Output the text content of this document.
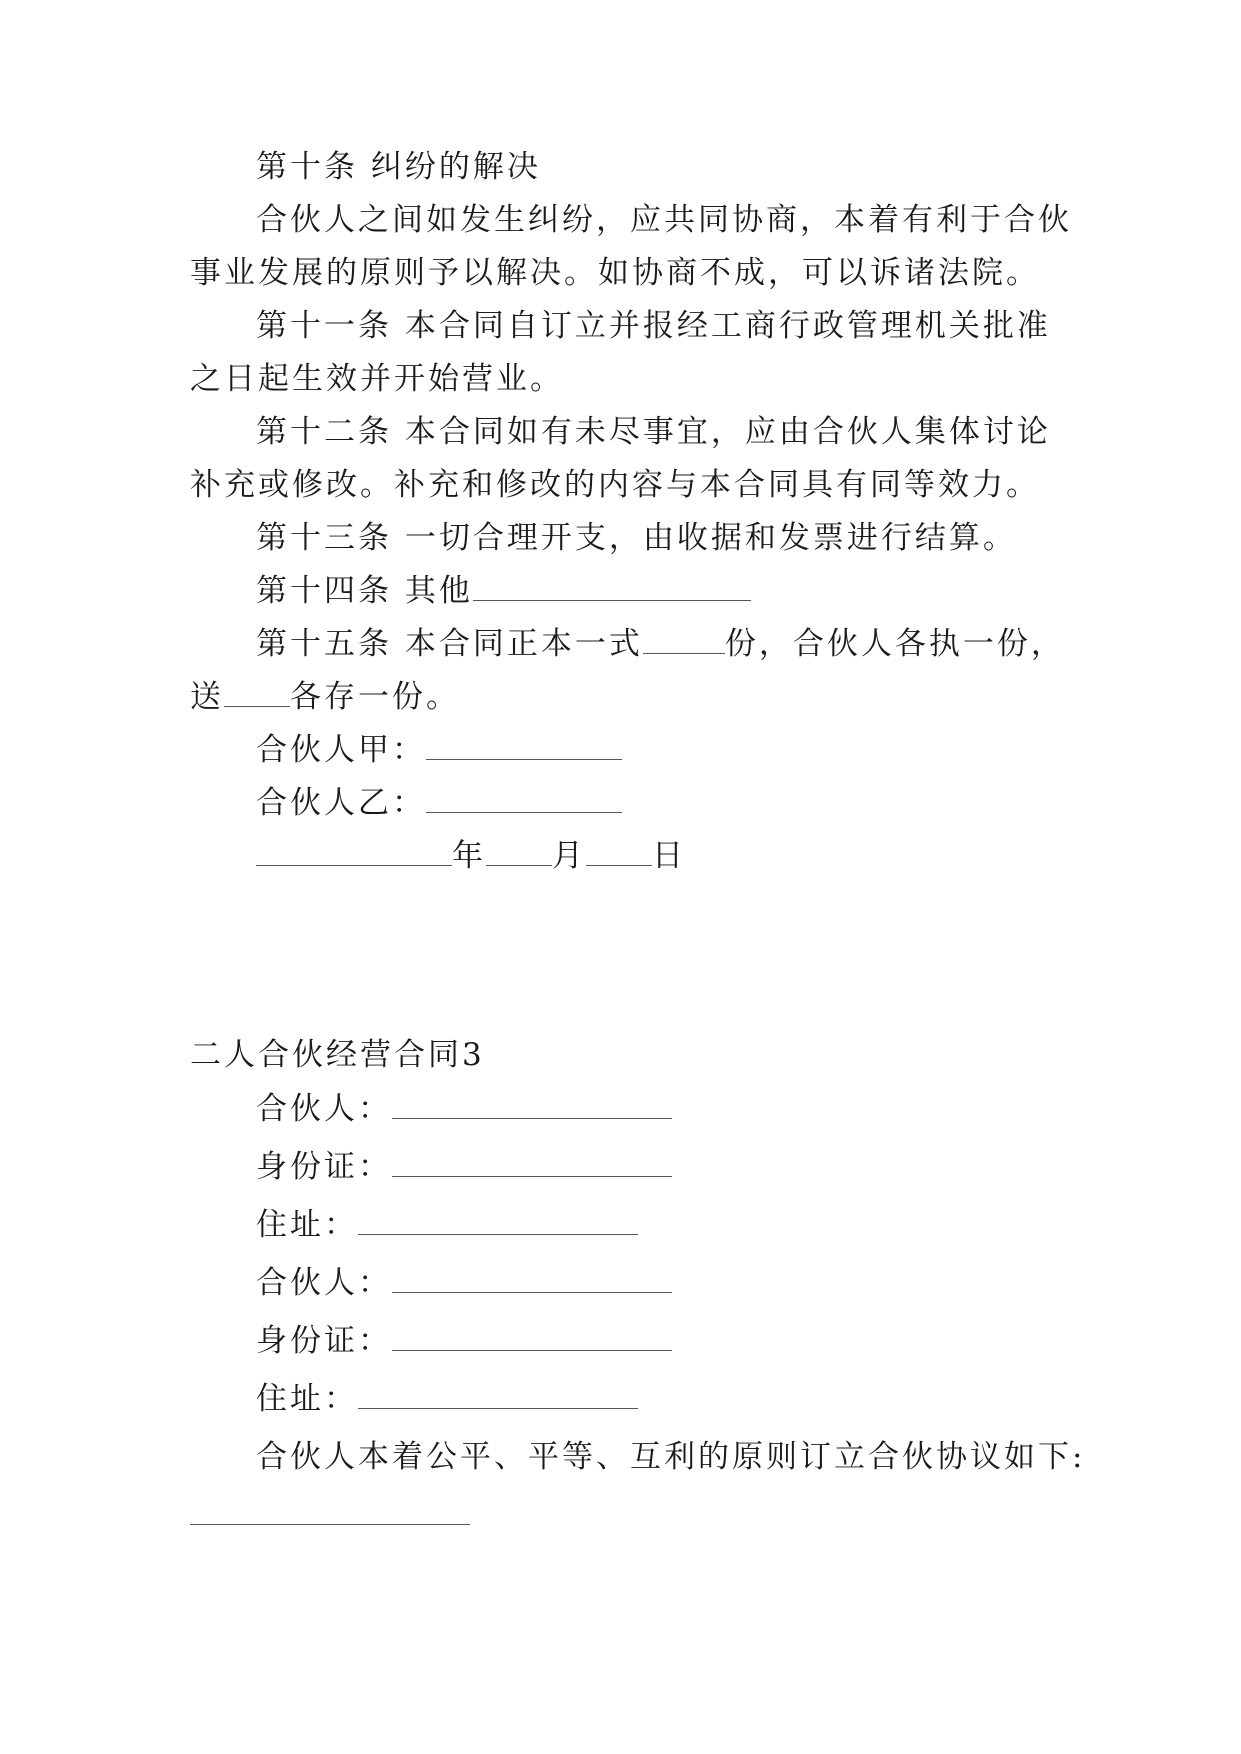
第十条 纠纷的解决
合伙人之间如发生纠纷，应共同协商，本着有利于合伙
事业发展的原则予以解决。如协商不成，可以诉诸法院。
第十一条 本合同自订立并报经工商行政管理机关批准
之日起生效并开始营业。
第十二条 本合同如有未尽事宜，应由合伙人集体讨论
补充或修改。补充和修改的内容与本合同具有同等效力。
第十三条 一切合理开支，由收据和发票进行结算。
第十四条 其他
第十五条 本合同正本一式	份，合伙人各执一份，
送 各存一份。
合伙人甲：
合伙人乙：
年 月 日
二人合伙经营合同3
合伙人：
身份证：
住址：
合伙人：
身份证：
住址：
合伙人本着公平、平等、互利的原则订立合伙协议如下:
